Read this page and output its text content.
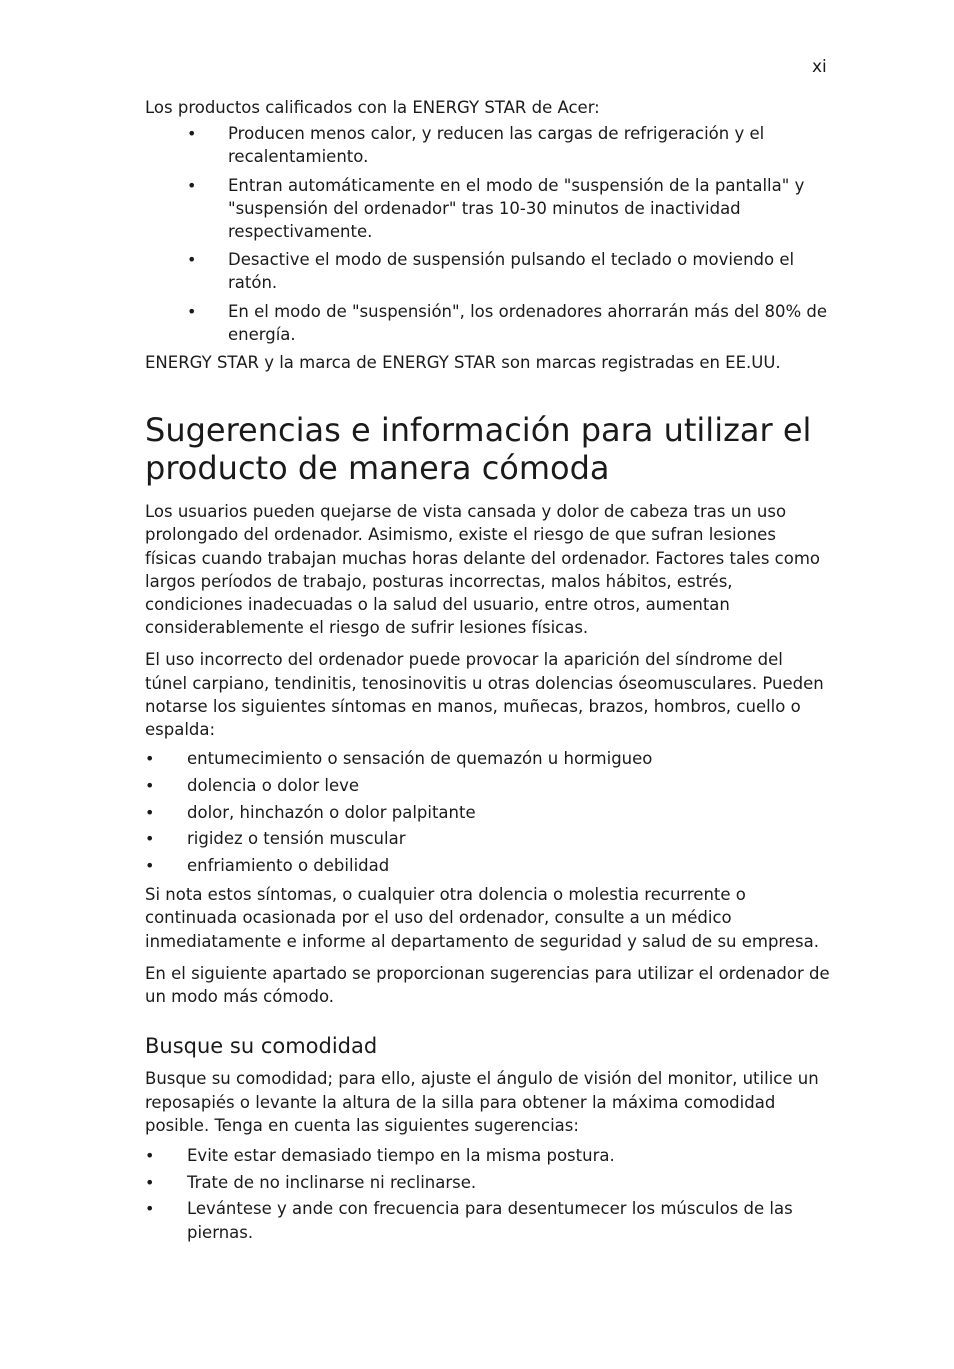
xi

Los productos calificados con la ENERGY STAR de Acer:

• Producen menos calor, y reducen las cargas de refrigeración y el recalentamiento.
• Entran automáticamente en el modo de "suspensión de la pantalla" y "suspensión del ordenador" tras 10-30 minutos de inactividad respectivamente.
• Desactive el modo de suspensión pulsando el teclado o moviendo el ratón.
• En el modo de "suspensión", los ordenadores ahorrarán más del 80% de energía.

ENERGY STAR y la marca de ENERGY STAR son marcas registradas en EE.UU.

Sugerencias e información para utilizar el producto de manera cómoda

Los usuarios pueden quejarse de vista cansada y dolor de cabeza tras un uso prolongado del ordenador. Asimismo, existe el riesgo de que sufran lesiones físicas cuando trabajan muchas horas delante del ordenador. Factores tales como largos períodos de trabajo, posturas incorrectas, malos hábitos, estrés, condiciones inadecuadas o la salud del usuario, entre otros, aumentan considerablemente el riesgo de sufrir lesiones físicas.

El uso incorrecto del ordenador puede provocar la aparición del síndrome del túnel carpiano, tendinitis, tenosinovitis u otras dolencias óseomusculares. Pueden notarse los siguientes síntomas en manos, muñecas, brazos, hombros, cuello o espalda:

• entumecimiento o sensación de quemazón u hormigueo
• dolencia o dolor leve
• dolor, hinchazón o dolor palpitante
• rigidez o tensión muscular
• enfriamiento o debilidad

Si nota estos síntomas, o cualquier otra dolencia o molestia recurrente o continuada ocasionada por el uso del ordenador, consulte a un médico inmediatamente e informe al departamento de seguridad y salud de su empresa.

En el siguiente apartado se proporcionan sugerencias para utilizar el ordenador de un modo más cómodo.

Busque su comodidad

Busque su comodidad; para ello, ajuste el ángulo de visión del monitor, utilice un reposapiés o levante la altura de la silla para obtener la máxima comodidad posible. Tenga en cuenta las siguientes sugerencias:

• Evite estar demasiado tiempo en la misma postura.
• Trate de no inclinarse ni reclinarse.
• Levántese y ande con frecuencia para desentumecer los músculos de las piernas.
